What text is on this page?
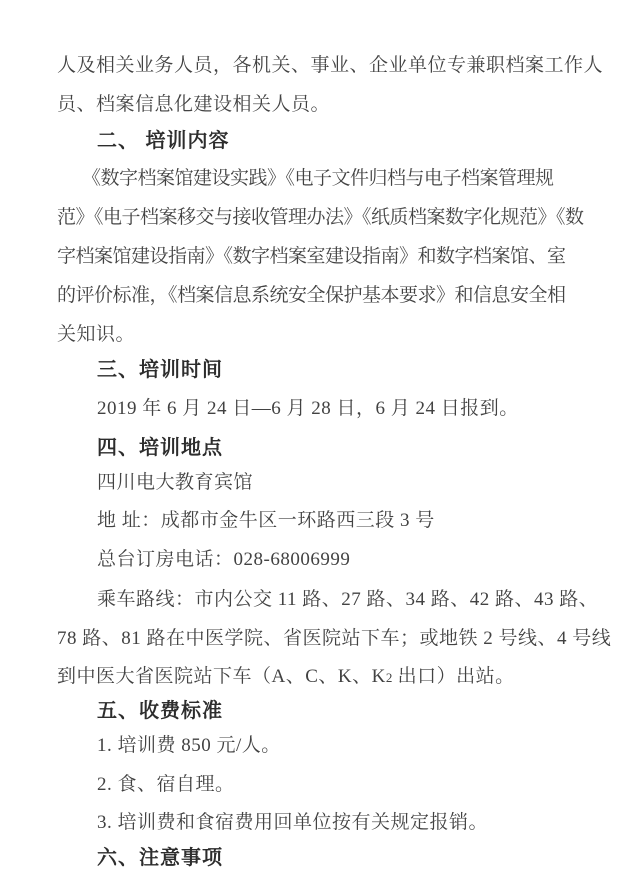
人及相关业务人员，各机关、事业、企业单位专兼职档案工作人
员、档案信息化建设相关人员。
二、 培训内容
《数字档案馆建设实践》《电子文件归档与电子档案管理规
范》《电子档案移交与接收管理办法》《纸质档案数字化规范》《数
字档案馆建设指南》《数字档案室建设指南》和数字档案馆、室
的评价标准，《档案信息系统安全保护基本要求》和信息安全相
关知识。
三、培训时间
2019 年 6 月 24 日—6 月 28 日，6 月 24 日报到。
四、培训地点
四川电大教育宾馆
地 址：成都市金牛区一环路西三段 3 号
总台订房电话：028-68006999
乘车路线：市内公交 11 路、27 路、34 路、42 路、43 路、
78 路、81 路在中医学院、省医院站下车；或地铁 2 号线、4 号线
到中医大省医院站下车（A、C、K、K2 出口）出站。
五、收费标准
1. 培训费 850 元/人。
2. 食、宿自理。
3. 培训费和食宿费用回单位按有关规定报销。
六、注意事项
